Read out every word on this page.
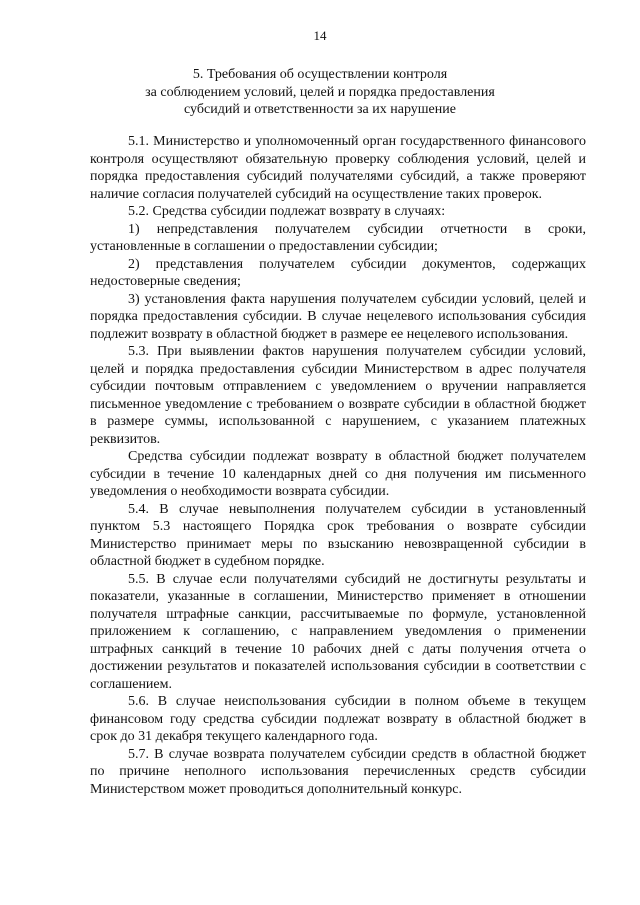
14
5. Требования об осуществлении контроля
за соблюдением условий, целей и порядка предоставления
субсидий и ответственности за их нарушение

5.1. Министерство и уполномоченный орган государственного финансового контроля осуществляют обязательную проверку соблюдения условий, целей и порядка предоставления субсидий получателями субсидий, а также проверяют наличие согласия получателей субсидий на осуществление таких проверок.

5.2. Средства субсидии подлежат возврату в случаях:

1) непредставления получателем субсидии отчетности в сроки, установленные в соглашении о предоставлении субсидии;

2) представления получателем субсидии документов, содержащих недостоверные сведения;

3) установления факта нарушения получателем субсидии условий, целей и порядка предоставления субсидии. В случае нецелевого использования субсидия подлежит возврату в областной бюджет в размере ее нецелевого использования.

5.3. При выявлении фактов нарушения получателем субсидии условий, целей и порядка предоставления субсидии Министерством в адрес получателя субсидии почтовым отправлением с уведомлением о вручении направляется письменное уведомление с требованием о возврате субсидии в областной бюджет в размере суммы, использованной с нарушением, с указанием платежных реквизитов.

Средства субсидии подлежат возврату в областной бюджет получателем субсидии в течение 10 календарных дней со дня получения им письменного уведомления о необходимости возврата субсидии.

5.4. В случае невыполнения получателем субсидии в установленный пунктом 5.3 настоящего Порядка срок требования о возврате субсидии Министерство принимает меры по взысканию невозвращенной субсидии в областной бюджет в судебном порядке.

5.5. В случае если получателями субсидий не достигнуты результаты и показатели, указанные в соглашении, Министерство применяет в отношении получателя штрафные санкции, рассчитываемые по формуле, установленной приложением к соглашению, с направлением уведомления о применении штрафных санкций в течение 10 рабочих дней с даты получения отчета о достижении результатов и показателей использования субсидии в соответствии с соглашением.

5.6. В случае неиспользования субсидии в полном объеме в текущем финансовом году средства субсидии подлежат возврату в областной бюджет в срок до 31 декабря текущего календарного года.

5.7. В случае возврата получателем субсидии средств в областной бюджет по причине неполного использования перечисленных средств субсидии Министерством может проводиться дополнительный конкурс.
